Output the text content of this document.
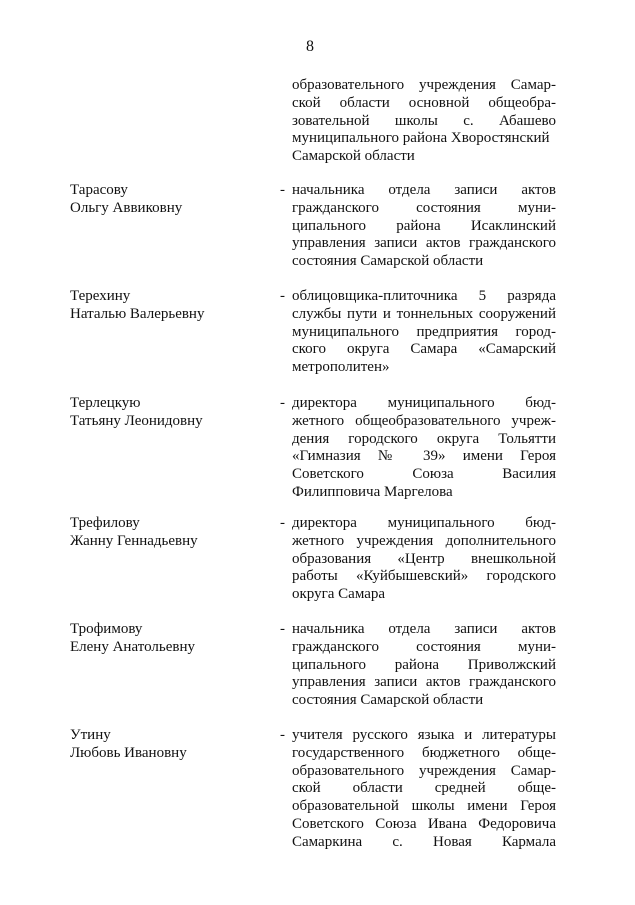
8
образовательного учреждения Самар-
ской области основной общеобра-
зовательной школы с. Абашево
муниципального района Хворостянский
Самарской области
Тарасову
Ольгу Аввиковну
- начальника отдела записи актов
гражданского состояния муни-
ципального района Исаклинский
управления записи актов гражданского
состояния Самарской области
Терехину
Наталью Валерьевну
- облицовщика-плиточника 5 разряда
службы пути и тоннельных сооружений
муниципального предприятия город-
ского округа Самара «Самарский
метрополитен»
Терлецкую
Татьяну Леонидовну
- директора муниципального бюд-
жетного общеобразовательного учреж-
дения городского округа Тольятти
«Гимназия № 39» имени Героя
Советского Союза Василия
Филипповича Маргелова
Трефилову
Жанну Геннадьевну
- директора муниципального бюд-
жетного учреждения дополнительного
образования «Центр внешкольной
работы «Куйбышевский» городского
округа Самара
Трофимову
Елену Анатольевну
- начальника отдела записи актов
гражданского состояния муни-
ципального района Приволжский
управления записи актов гражданского
состояния Самарской области
Утину
Любовь Ивановну
- учителя русского языка и литературы
государственного бюджетного обще-
образовательного учреждения Самар-
ской области средней обще-
образовательной школы имени Героя
Советского Союза Ивана Федоровича
Самаркина с. Новая Кармала
